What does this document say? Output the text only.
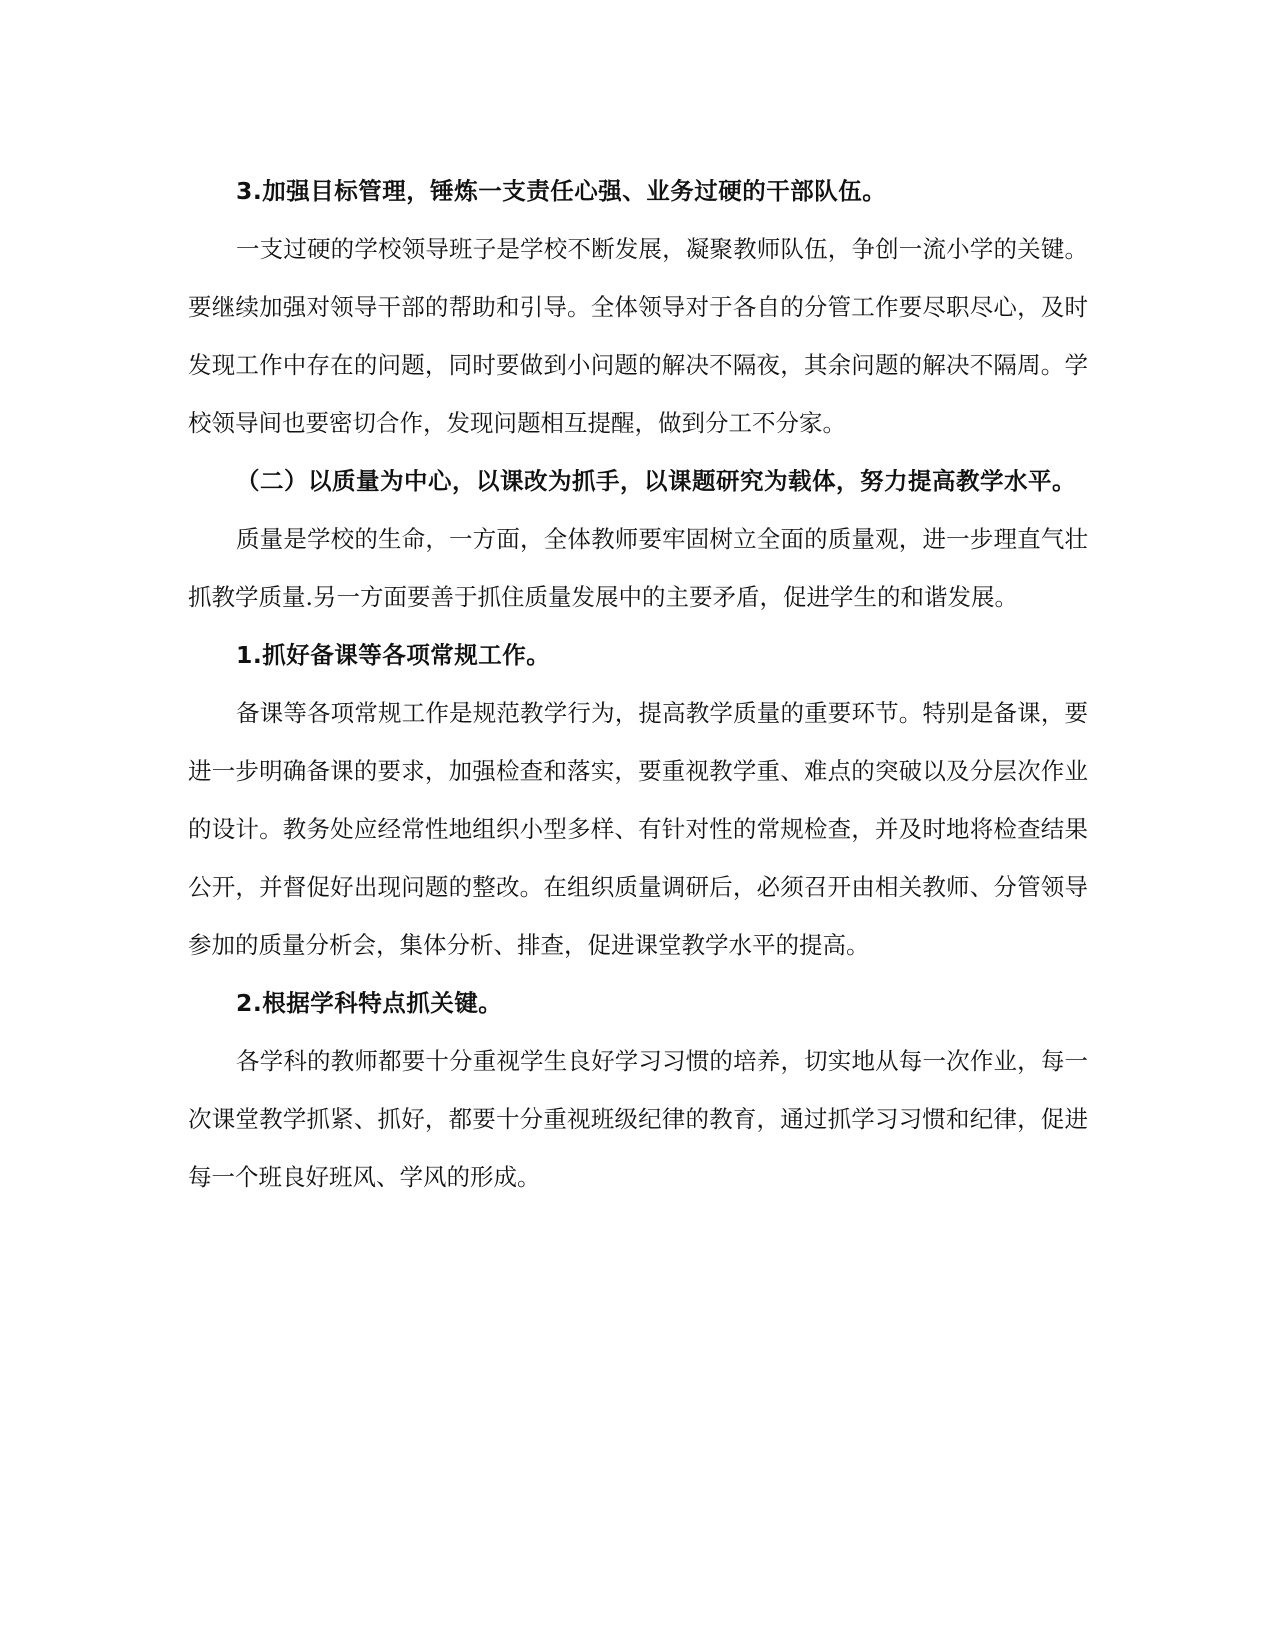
3.加强目标管理，锤炼一支责任心强、业务过硬的干部队伍。

一支过硬的学校领导班子是学校不断发展，凝聚教师队伍，争创一流小学的关键。要继续加强对领导干部的帮助和引导。全体领导对于各自的分管工作要尽职尽心，及时发现工作中存在的问题，同时要做到小问题的解决不隔夜，其余问题的解决不隔周。学校领导间也要密切合作，发现问题相互提醒，做到分工不分家。

（二）以质量为中心，以课改为抓手，以课题研究为载体，努力提高教学水平。

质量是学校的生命，一方面，全体教师要牢固树立全面的质量观，进一步理直气壮抓教学质量.另一方面要善于抓住质量发展中的主要矛盾，促进学生的和谐发展。

1.抓好备课等各项常规工作。

备课等各项常规工作是规范教学行为，提高教学质量的重要环节。特别是备课，要进一步明确备课的要求，加强检查和落实，要重视教学重、难点的突破以及分层次作业的设计。教务处应经常性地组织小型多样、有针对性的常规检查，并及时地将检查结果公开，并督促好出现问题的整改。在组织质量调研后，必须召开由相关教师、分管领导参加的质量分析会，集体分析、排查，促进课堂教学水平的提高。

2.根据学科特点抓关键。

各学科的教师都要十分重视学生良好学习习惯的培养，切实地从每一次作业，每一次课堂教学抓紧、抓好，都要十分重视班级纪律的教育，通过抓学习习惯和纪律，促进每一个班良好班风、学风的形成。
